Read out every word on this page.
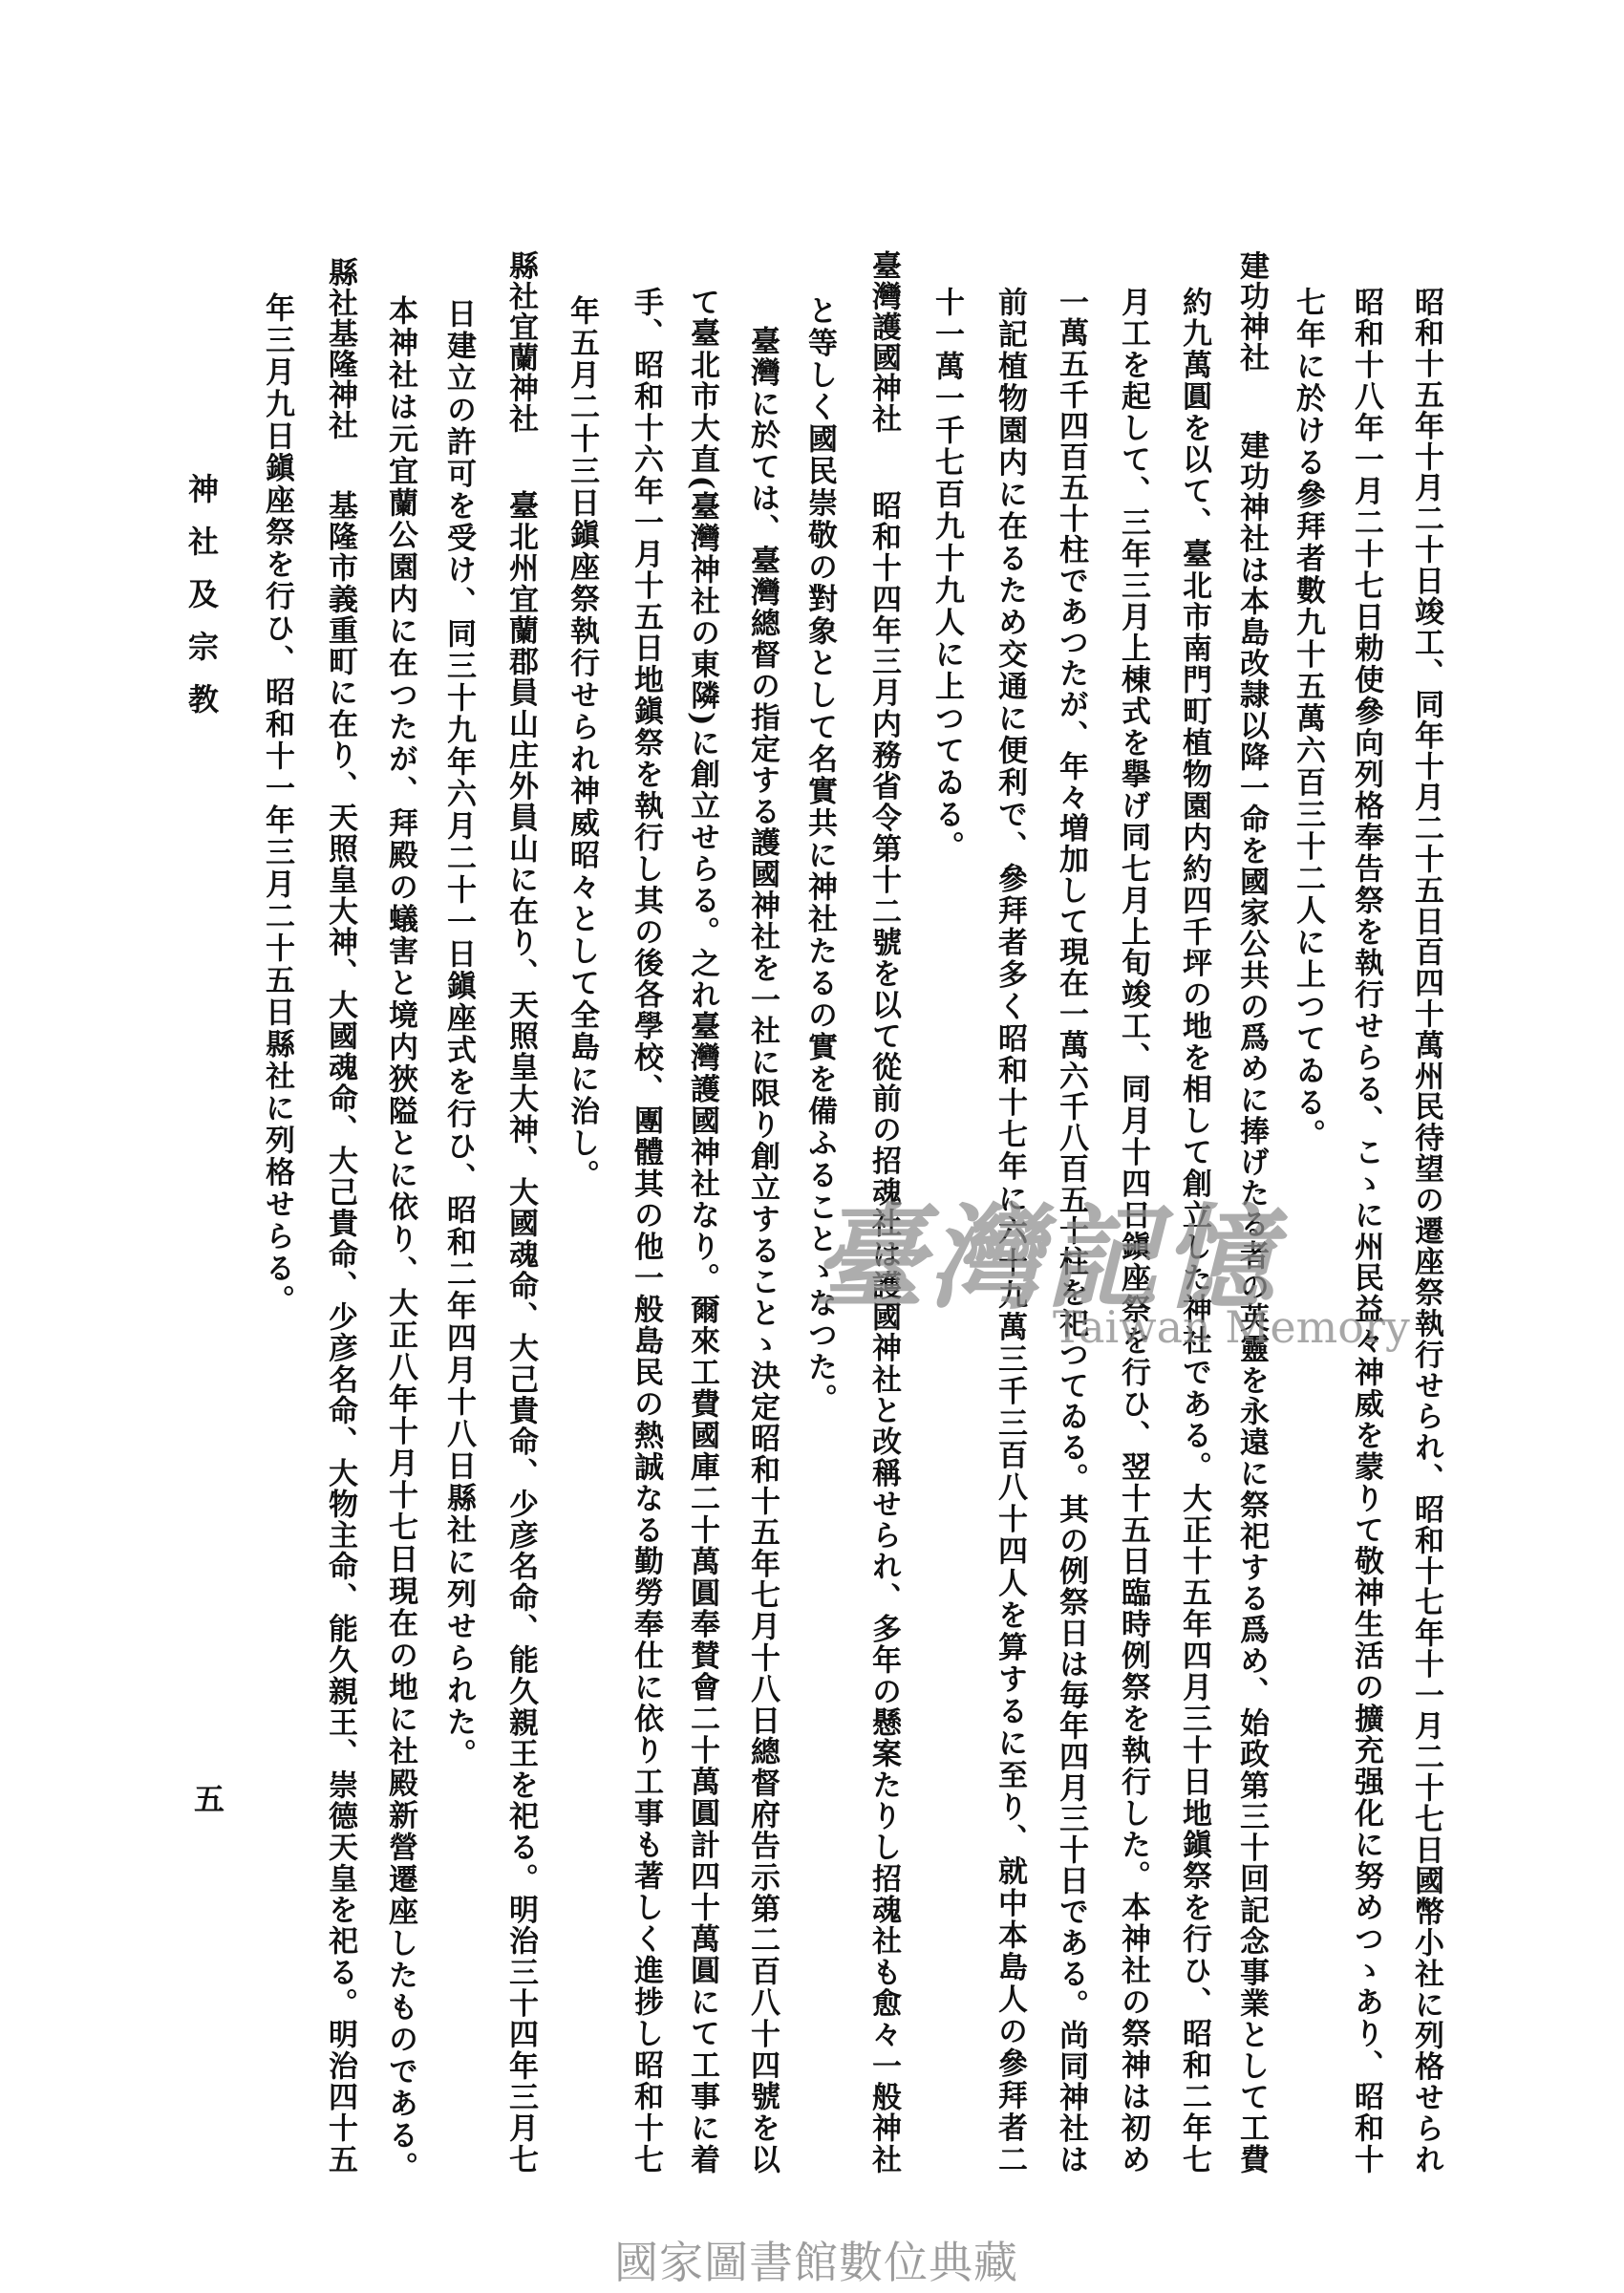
神社及宗教	昭和十五年十月二十日竣工、同年十月二十五日百四十萬州民待望の遷座祭執行せられ、昭和十七年十一月二十七日國幣小社に列格せられ
昭和十八年一月二十七日勅使參向列格奉告祭を執行せらる、こゝに州民益々神威を蒙りて敬神生活の擴充强化に努めつゝあり、昭和十
七年に於ける參拜者數九十五萬六百三十二人に上つてゐる。
建功神社
建功神社は本島改隷以降一命を國家公共の爲めに捧げたる者の英靈を永遠に祭祀する爲め、始政第三十回記念事業として工費
約九萬圓を以て、臺北市南門町植物園内約四千坪の地を相して創立した神社である。大正十五年四月三十日地鎭祭を行ひ、昭和二年七
月工を起して、三年三月上棟式を擧げ同七月上旬竣工、同月十四日鎭座祭を行ひ、翌十五日臨時例祭を執行した。本神社の祭神は初め
一萬五千四百五十柱であつたが、年々増加して現在一萬六千八百五十柱を祀つてゐる。其の例祭日は毎年四月三十日である。尚同神社は
前記植物園内に在るため交通に便利で、參拜者多く昭和十七年に六十九萬三千三百八十四人を算するに至り、就中本島人の參拜者二
十一萬一千七百九十九人に上つてゐる。
臺灣護國神社
昭和十四年三月内務省令第十二號を以て從前の招魂社は護國神社と改稱せられ、多年の懸案たりし招魂社も愈々一般神社
と等しく國民崇敬の對象として名實共に神社たるの實を備ふることゝなつた。
臺灣に於ては、臺灣總督の指定する護國神社を一社に限り創立することゝ決定昭和十五年七月十八日總督府告示第二百八十四號を以
て臺北市大直(臺灣神社の東隣)に創立せらる。之れ臺灣護國神社なり。爾來工費國庫二十萬圓奉賛會二十萬圓計四十萬圓にて工事に着
手、昭和十六年一月十五日地鎭祭を執行し其の後各學校、團體其の他一般島民の熱誠なる勤勞奉仕に依り工事も著しく進捗し昭和十七
年五月二十三日鎭座祭執行せられ神威昭々として全島に治し。
縣社宜蘭神社
臺北州宜蘭郡員山庄外員山に在り、天照皇大神、大國魂命、大己貴命、少彦名命、能久親王を祀る。明治三十四年三月七
日建立の許可を受け、同三十九年六月二十一日鎭座式を行ひ、昭和二年四月十八日縣社に列せられた。
本神社は元宜蘭公園内に在つたが、拜殿の蟻害と境内狹隘とに依り、大正八年十月十七日現在の地に社殿新營遷座したものである。
縣社基隆神社
基隆市義重町に在り、天照皇大神、大國魂命、大己貴命、少彦名命、大物主命、能久親王、崇德天皇を祀る。明治四十五
年三月九日鎭座祭を行ひ、昭和十一年三月二十五日縣社に列格せらる。
五
臺灣記憶
Taiwan Memory
國家圖書館數位典藏
